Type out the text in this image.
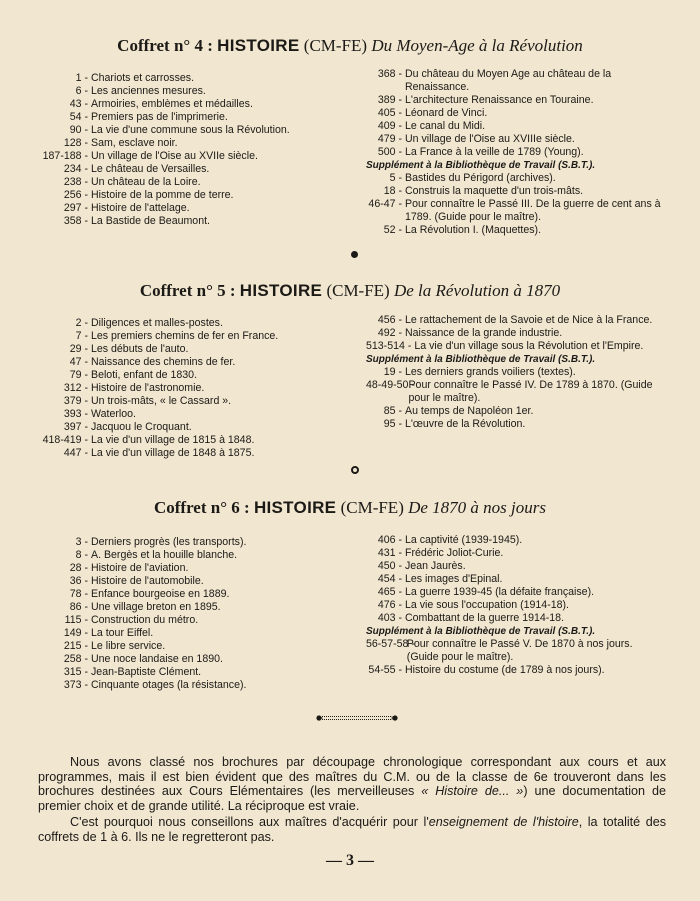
Coffret n° 4 : HISTOIRE (CM-FE) Du Moyen-Age à la Révolution
1 - Chariots et carrosses.
6 - Les anciennes mesures.
43 - Armoiries, emblèmes et médailles.
54 - Premiers pas de l'imprimerie.
90 - La vie d'une commune sous la Révolution.
128 - Sam, esclave noir.
187-188 - Un village de l'Oise au XVIIe siècle.
234 - Le château de Versailles.
238 - Un château de la Loire.
256 - Histoire de la pomme de terre.
297 - Histoire de l'attelage.
358 - La Bastide de Beaumont.
368 - Du château du Moyen Age au château de la Renaissance.
389 - L'architecture Renaissance en Touraine.
405 - Léonard de Vinci.
409 - Le canal du Midi.
479 - Un village de l'Oise au XVIIIe siècle.
500 - La France à la veille de 1789 (Young).
Supplément à la Bibliothèque de Travail (S.B.T.).
5 - Bastides du Périgord (archives).
18 - Construis la maquette d'un trois-mâts.
46-47 - Pour connaître le Passé III. De la guerre de cent ans à 1789. (Guide pour le maître).
52 - La Révolution I. (Maquettes).
Coffret n° 5 : HISTOIRE (CM-FE) De la Révolution à 1870
2 - Diligences et malles-postes.
7 - Les premiers chemins de fer en France.
29 - Les débuts de l'auto.
47 - Naissance des chemins de fer.
79 - Beloti, enfant de 1830.
312 - Histoire de l'astronomie.
379 - Un trois-mâts, « le Cassard ».
393 - Waterloo.
397 - Jacquou le Croquant.
418-419 - La vie d'un village de 1815 à 1848.
447 - La vie d'un village de 1848 à 1875.
456 - Le rattachement de la Savoie et de Nice à la France.
492 - Naissance de la grande industrie.
513-514 - La vie d'un village sous la Révolution et l'Empire.
Supplément à la Bibliothèque de Travail (S.B.T.).
19 - Les derniers grands voiliers (textes).
48-49-50 -
Pour connaître le Passé IV. De 1789 à 1870. (Guide pour le maître).
85 - Au temps de Napoléon 1er.
95 - L'œuvre de la Révolution.
Coffret n° 6 : HISTOIRE (CM-FE) De 1870 à nos jours
3 - Derniers progrès (les transports).
8 - A. Bergès et la houille blanche.
28 - Histoire de l'aviation.
36 - Histoire de l'automobile.
78 - Enfance bourgeoise en 1889.
86 - Une village breton en 1895.
115 - Construction du métro.
149 - La tour Eiffel.
215 - Le libre service.
258 - Une noce landaise en 1890.
315 - Jean-Baptiste Clément.
373 - Cinquante otages (la résistance).
406 - La captivité (1939-1945).
431 - Frédéric Joliot-Curie.
450 - Jean Jaurès.
454 - Les images d'Epinal.
465 - La guerre 1939-45 (la défaite française).
476 - La vie sous l'occupation (1914-18).
403 - Combattant de la guerre 1914-18.
Supplément à la Bibliothèque de Travail (S.B.T.).
56-57-58 -
Pour connaître le Passé V. De 1870 à nos jours. (Guide pour le maître).
54-55 - Histoire du costume (de 1789 à nos jours).
Nous avons classé nos brochures par découpage chronologique correspondant aux cours et aux programmes, mais il est bien évident que des maîtres du C.M. ou de la classe de 6e trouveront dans les brochures destinées aux Cours Elémentaires (les merveilleuses « Histoire de... ») une documentation de premier choix et de grande utilité. La réciproque est vraie.
C'est pourquoi nous conseillons aux maîtres d'acquérir pour l'enseignement de l'histoire, la totalité des coffrets de 1 à 6. Ils ne le regretteront pas.
— 3 —
